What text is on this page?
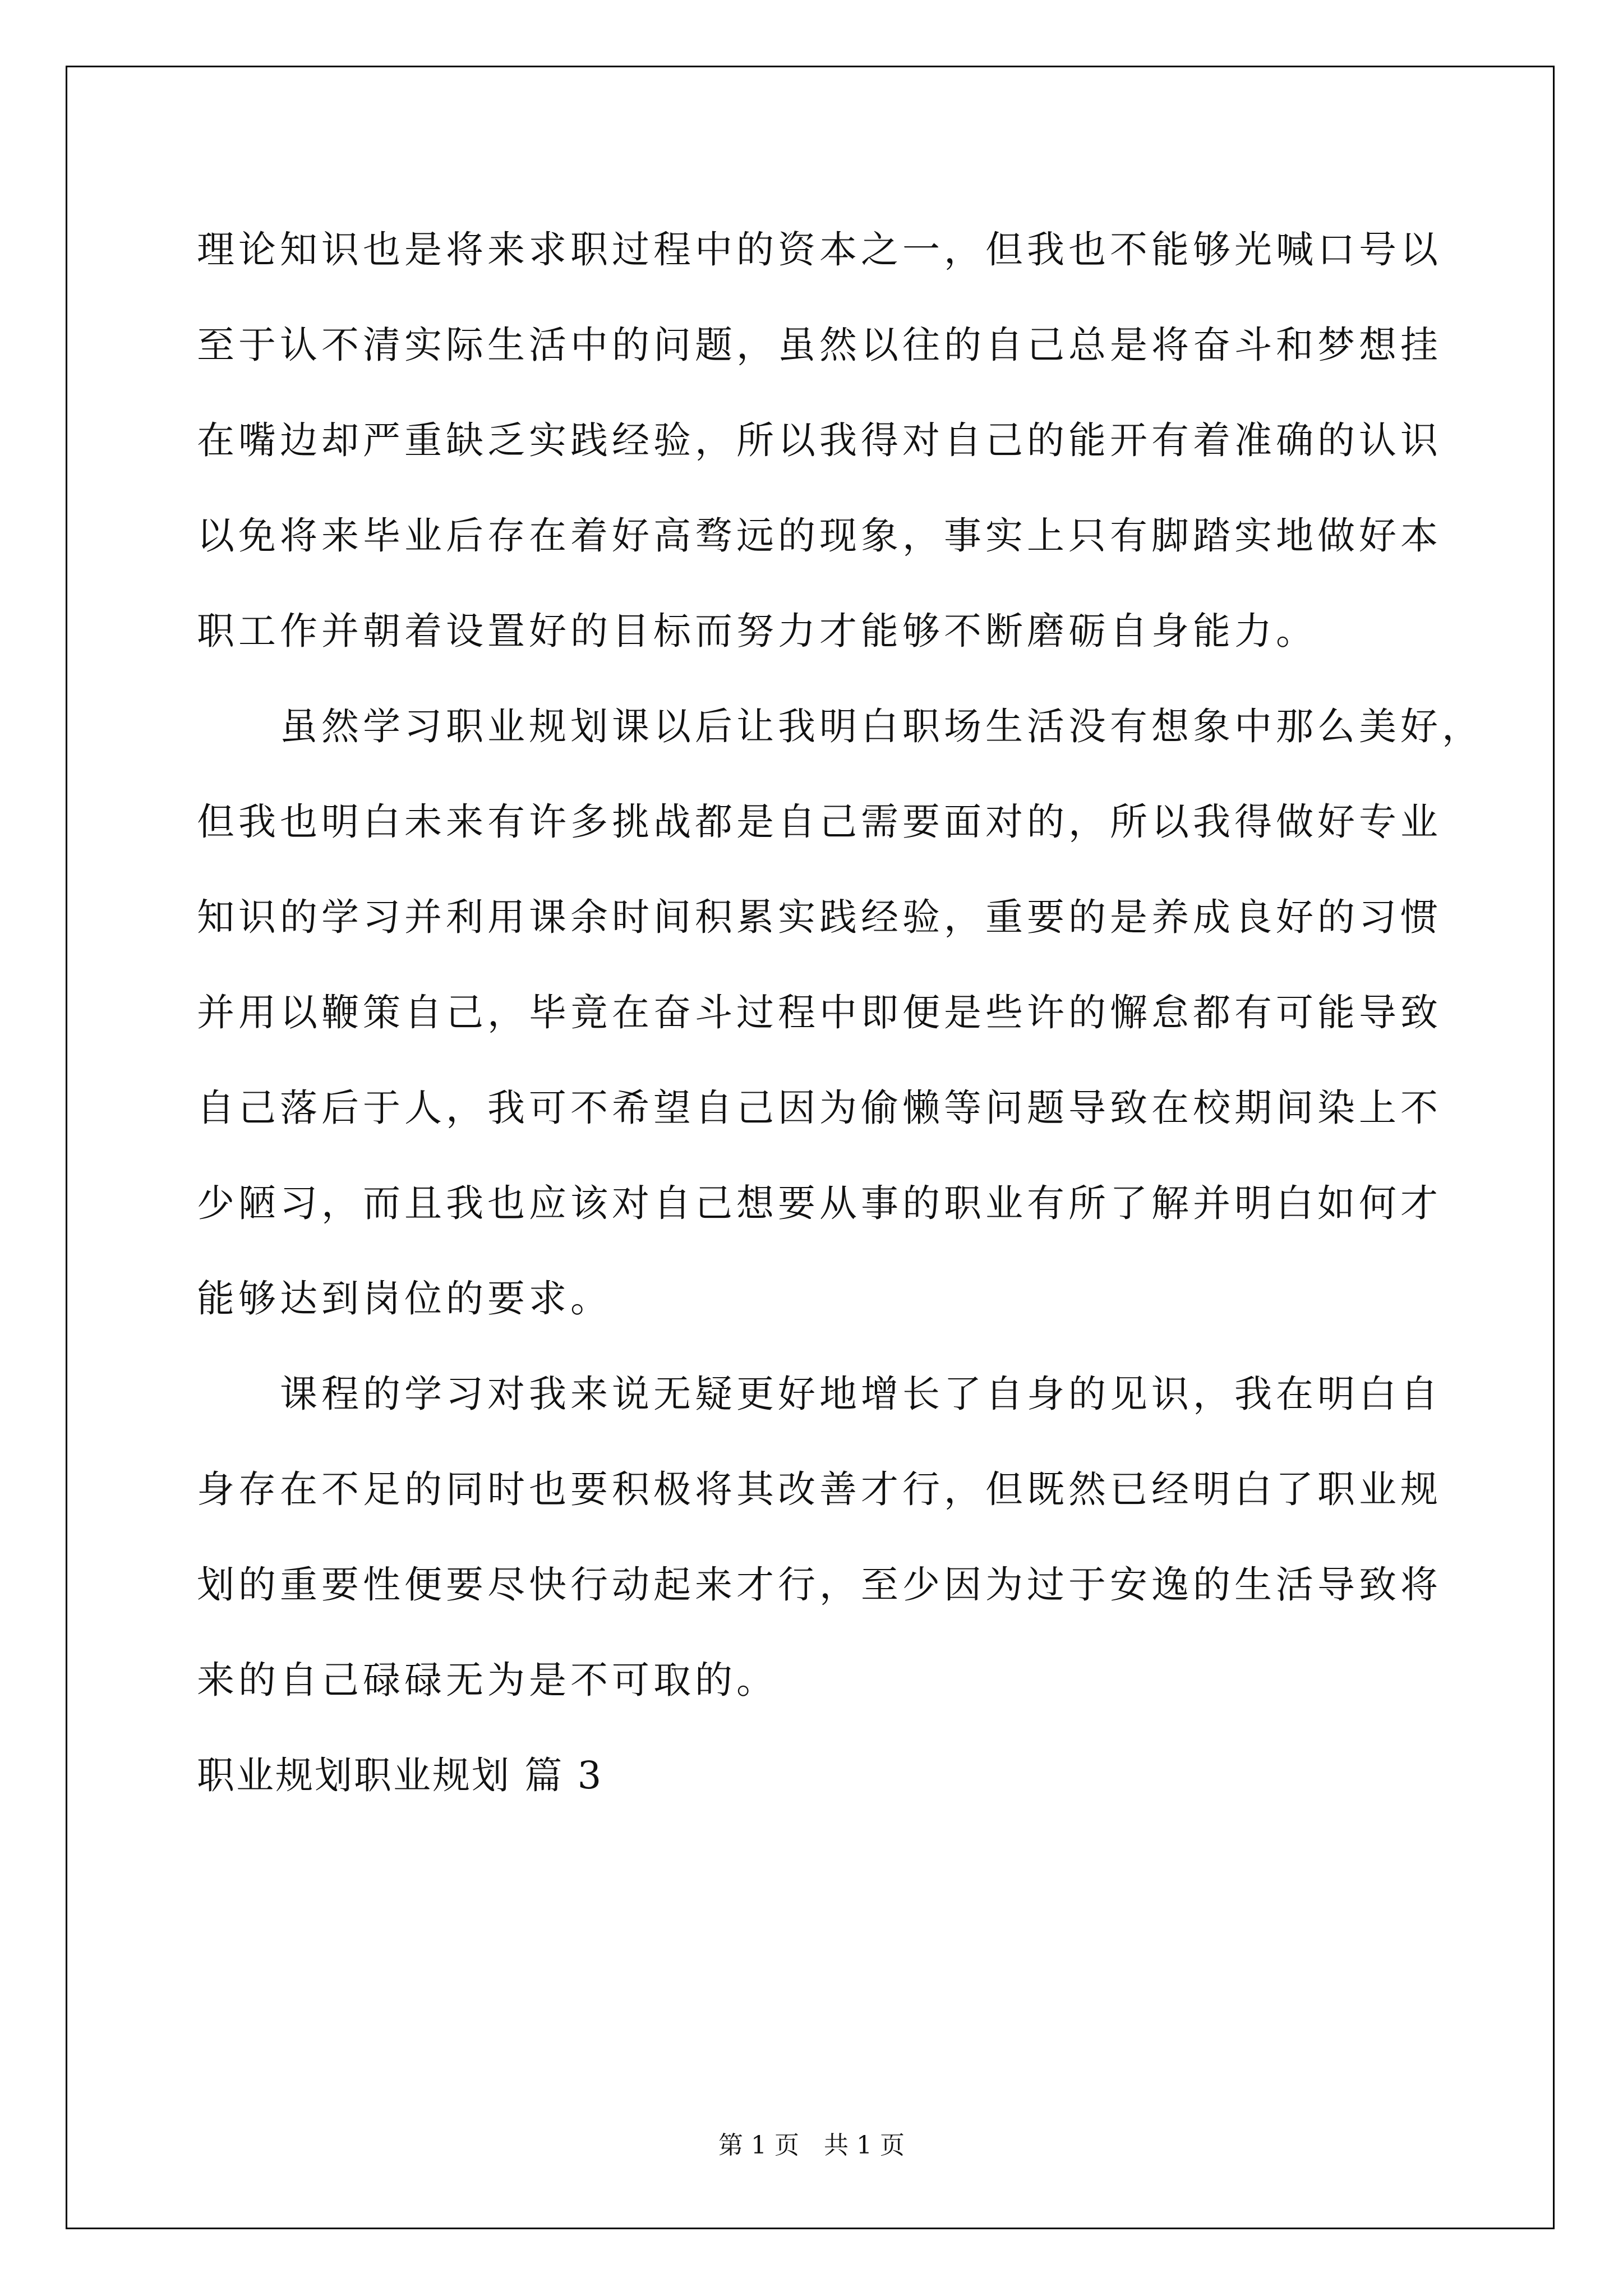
理论知识也是将来求职过程中的资本之一，但我也不能够光喊口号以
至于认不清实际生活中的问题，虽然以往的自己总是将奋斗和梦想挂
在嘴边却严重缺乏实践经验，所以我得对自己的能开有着准确的认识
以免将来毕业后存在着好高骛远的现象，事实上只有脚踏实地做好本
职工作并朝着设置好的目标而努力才能够不断磨砺自身能力。
虽然学习职业规划课以后让我明白职场生活没有想象中那么美好，
但我也明白未来有许多挑战都是自己需要面对的，所以我得做好专业
知识的学习并利用课余时间积累实践经验，重要的是养成良好的习惯
并用以鞭策自己，毕竟在奋斗过程中即便是些许的懈怠都有可能导致
自己落后于人，我可不希望自己因为偷懒等问题导致在校期间染上不
少陋习，而且我也应该对自己想要从事的职业有所了解并明白如何才
能够达到岗位的要求。
课程的学习对我来说无疑更好地增长了自身的见识，我在明白自
身存在不足的同时也要积极将其改善才行，但既然已经明白了职业规
划的重要性便要尽快行动起来才行，至少因为过于安逸的生活导致将
来的自己碌碌无为是不可取的。
职业规划职业规划 篇 3
第 1 页　共 1 页
